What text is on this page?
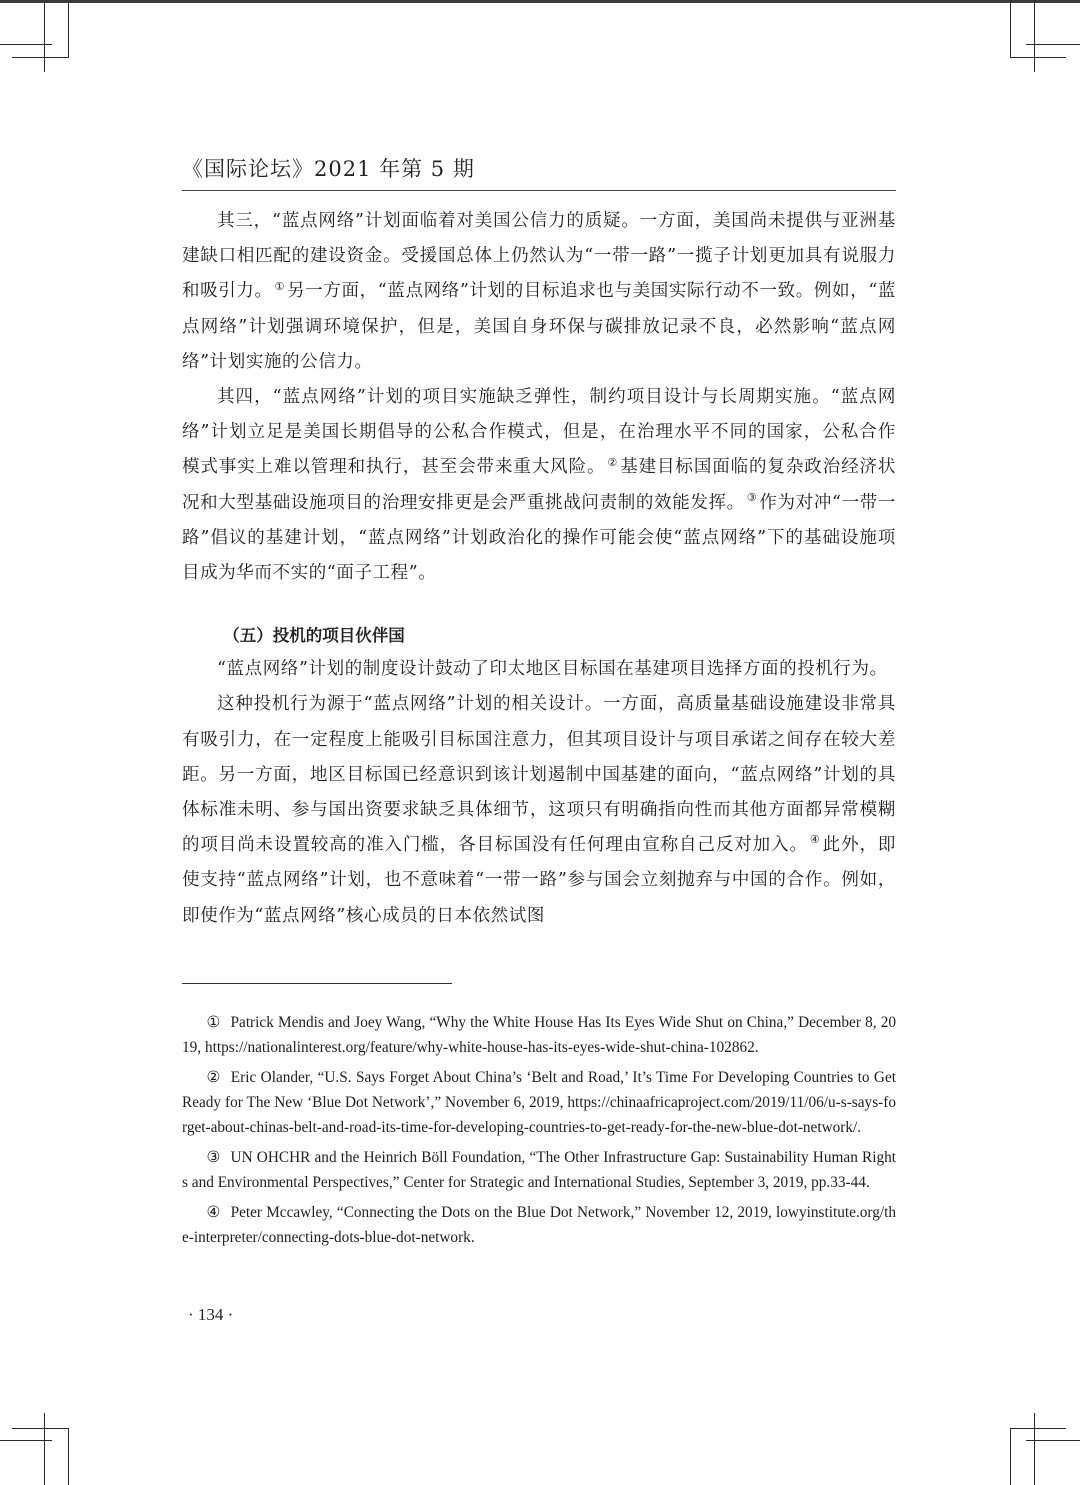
《国际论坛》2021 年第 5 期

其三，“蓝点网络”计划面临着对美国公信力的质疑。一方面，美国尚未提供与亚洲基建缺口相匹配的建设资金。受援国总体上仍然认为“一带一路”一揽子计划更加具有说服力和吸引力。 ① 另一方面，“蓝点网络”计划的目标追求也与美国实际行动不一致。例如，“蓝点网络”计划强调环境保护，但是，美国自身环保与碳排放记录不良，必然影响“蓝点网络”计划实施的公信力。

其四，“蓝点网络”计划的项目实施缺乏弹性，制约项目设计与长周期实施。“蓝点网络”计划立足是美国长期倡导的公私合作模式，但是，在治理水平不同的国家，公私合作模式事实上难以管理和执行，甚至会带来重大风险。 ② 基建目标国面临的复杂政治经济状况和大型基础设施项目的治理安排更是会严重挑战问责制的效能发挥。 ③ 作为对冲“一带一路”倡议的基建计划，“蓝点网络”计划政治化的操作可能会使“蓝点网络”下的基础设施项目成为华而不实的“面子工程”。

（五）投机的项目伙伴国

“蓝点网络”计划的制度设计鼓动了印太地区目标国在基建项目选择方面的投机行为。

这种投机行为源于“蓝点网络”计划的相关设计。一方面，高质量基础设施建设非常具有吸引力，在一定程度上能吸引目标国注意力，但其项目设计与项目承诺之间存在较大差距。另一方面，地区目标国已经意识到该计划遏制中国基建的面向，“蓝点网络”计划的具体标准未明、参与国出资要求缺乏具体细节，这项只有明确指向性而其他方面都异常模糊的项目尚未设置较高的准入门槛，各目标国没有任何理由宣称自己反对加入。 ④ 此外，即使支持“蓝点网络”计划，也不意味着“一带一路”参与国会立刻抛弃与中国的合作。例如，即使作为“蓝点网络”核心成员的日本依然试图

① Patrick Mendis and Joey Wang, “Why the White House Has Its Eyes Wide Shut on China,” December 8, 2019, https://nationalinterest.org/feature/why-white-house-has-its-eyes-wide-shut-china-102862.

② Eric Olander, “U.S. Says Forget About China’s ‘Belt and Road,’ It’s Time For Developing Countries to Get Ready for The New ‘Blue Dot Network’,” November 6, 2019, https://chinaafricaproject.com/2019/11/06/u-s-says-forget-about-chinas-belt-and-road-its-time-for-developing-countries-to-get-ready-for-the-new-blue-dot-network/.

③ UN OHCHR and the Heinrich Böll Foundation, “The Other Infrastructure Gap: Sustainability Human Rights and Environmental Perspectives,” Center for Strategic and International Studies, September 3, 2019, pp.33-44.

④ Peter Mccawley, “Connecting the Dots on the Blue Dot Network,” November 12, 2019, lowyinstitute.org/the-interpreter/connecting-dots-blue-dot-network.

· 134 ·
